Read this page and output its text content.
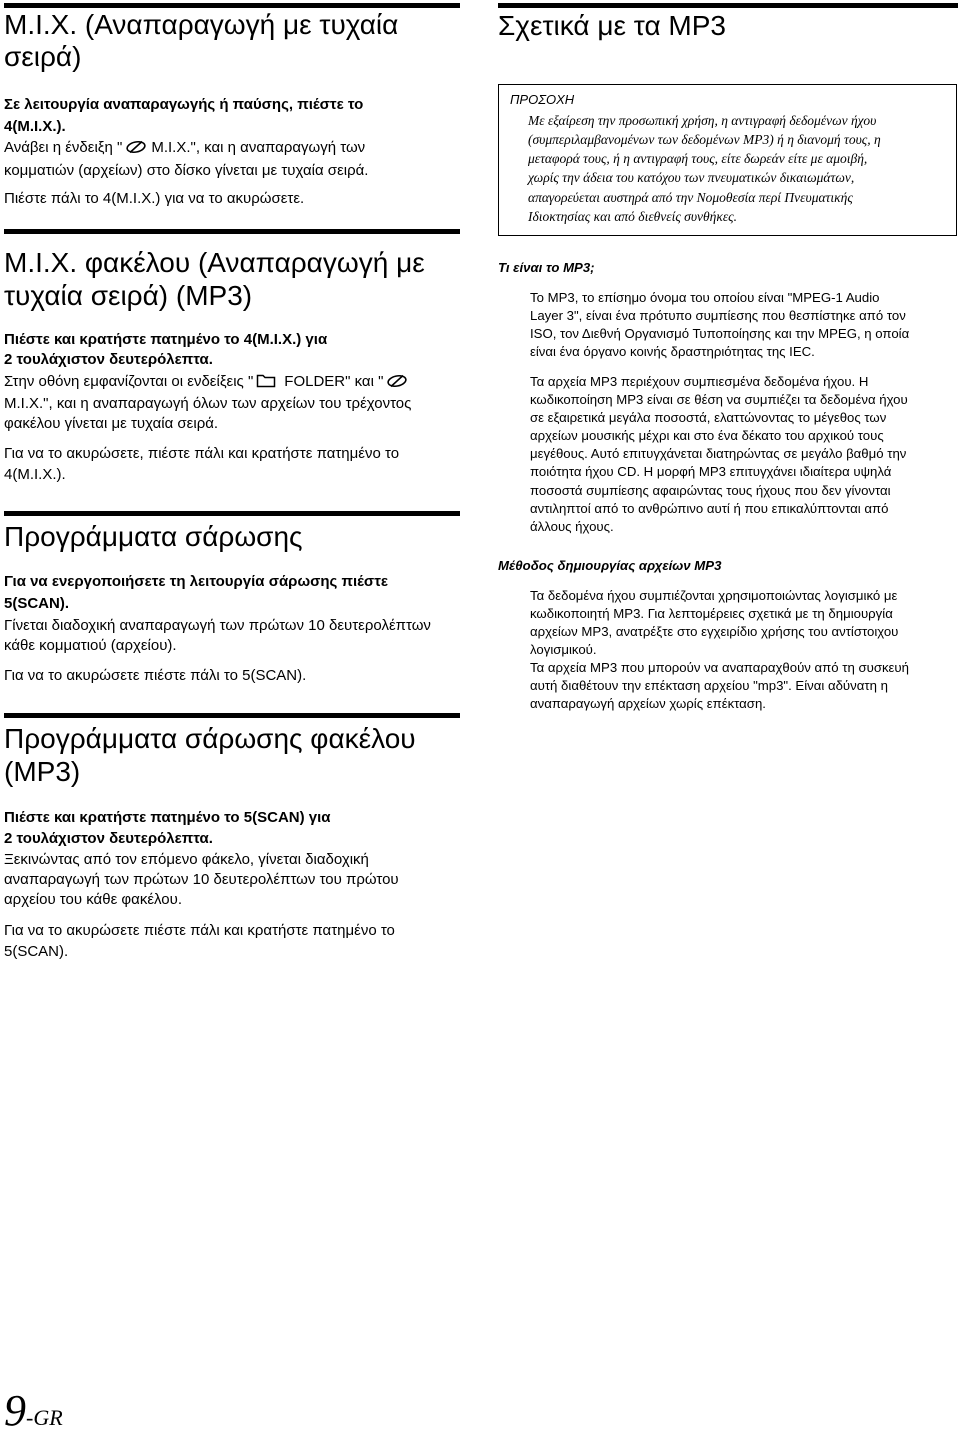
M.I.X. (Αναπαραγωγή με τυχαία
σειρά)
Σε λειτουργία αναπαραγωγής ή παύσης, πιέστε το
4(M.I.X.).
Ανάβει η ένδειξη " M.I.X.", και η αναπαραγωγή των
κομματιών (αρχείων) στο δίσκο γίνεται με τυχαία σειρά.
Πιέστε πάλι το 4(M.I.X.) για να το ακυρώσετε.
M.I.X. φακέλου (Αναπαραγωγή με
τυχαία σειρά) (MP3)
Πιέστε και κρατήστε πατημένο το 4(M.I.X.) για
2 τουλάχιστον δευτερόλεπτα.
Στην οθόνη εμφανίζονται οι ενδείξεις " FOLDER" και "
M.I.X.", και η αναπαραγωγή όλων των αρχείων του τρέχοντος
φακέλου γίνεται με τυχαία σειρά.
Για να το ακυρώσετε, πιέστε πάλι και κρατήστε πατημένο το
4(M.I.X.).
Προγράμματα σάρωσης
Για να ενεργοποιήσετε τη λειτουργία σάρωσης πιέστε
5(SCAN).
Γίνεται διαδοχική αναπαραγωγή των πρώτων 10 δευτερολέπτων
κάθε κομματιού (αρχείου).
Για να το ακυρώσετε πιέστε πάλι το 5(SCAN).
Προγράμματα σάρωσης φακέλου
(MP3)
Πιέστε και κρατήστε πατημένο το 5(SCAN) για
2 τουλάχιστον δευτερόλεπτα.
Ξεκινώντας από τον επόμενο φάκελο, γίνεται διαδοχική
αναπαραγωγή των πρώτων 10 δευτερολέπτων του πρώτου
αρχείου του κάθε φακέλου.
Για να το ακυρώσετε πιέστε πάλι και κρατήστε πατημένο το
5(SCAN).
9-GR
Σχετικά με τα MP3
ΠΡΟΣΟΧΗ
Με εξαίρεση την προσωπική χρήση, η αντιγραφή δεδομένων ήχου
(συμπεριλαμβανομένων των δεδομένων MP3) ή η διανομή τους, η
μεταφορά τους, ή η αντιγραφή τους, είτε δωρεάν είτε με αμοιβή,
χωρίς την άδεια του κατόχου των πνευματικών δικαιωμάτων,
απαγορεύεται αυστηρά από την Νομοθεσία περί Πνευματικής
Ιδιοκτησίας και από διεθνείς συνθήκες.
Τι είναι το MP3;
Το MP3, το επίσημο όνομα του οποίου είναι "MPEG-1 Audio
Layer 3", είναι ένα πρότυπο συμπίεσης που θεσπίστηκε από τον
ISO, τον Διεθνή Οργανισμό Τυποποίησης και την MPEG, η οποία
είναι ένα όργανο κοινής δραστηριότητας της IEC.
Τα αρχεία MP3 περιέχουν συμπιεσμένα δεδομένα ήχου. Η
κωδικοποίηση MP3 είναι σε θέση να συμπιέζει τα δεδομένα ήχου
σε εξαιρετικά μεγάλα ποσοστά, ελαττώνοντας το μέγεθος των
αρχείων μουσικής μέχρι και στο ένα δέκατο του αρχικού τους
μεγέθους. Αυτό επιτυγχάνεται διατηρώντας σε μεγάλο βαθμό την
ποιότητα ήχου CD. Η μορφή MP3 επιτυγχάνει ιδιαίτερα υψηλά
ποσοστά συμπίεσης αφαιρώντας τους ήχους που δεν γίνονται
αντιληπτοί από το ανθρώπινο αυτί ή που επικαλύπτονται από
άλλους ήχους.
Μέθοδος δημιουργίας αρχείων MP3
Τα δεδομένα ήχου συμπιέζονται χρησιμοποιώντας λογισμικό με
κωδικοποιητή MP3. Για λεπτομέρειες σχετικά με τη δημιουργία
αρχείων MP3, ανατρέξτε στο εγχειρίδιο χρήσης του αντίστοιχου
λογισμικού.
Τα αρχεία MP3 που μπορούν να αναπαραχθούν από τη συσκευή
αυτή διαθέτουν την επέκταση αρχείου "mp3". Είναι αδύνατη η
αναπαραγωγή αρχείων χωρίς επέκταση.
